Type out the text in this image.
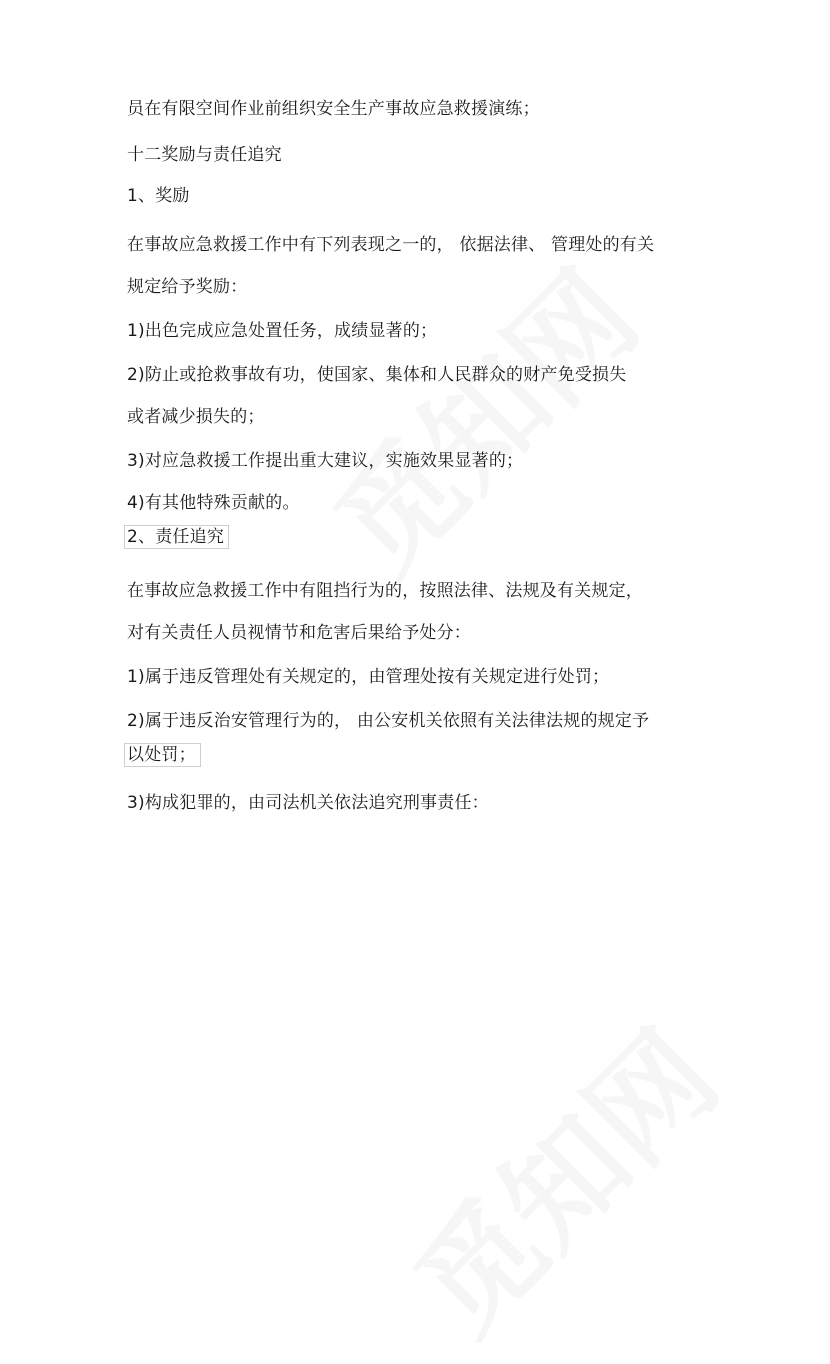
员在有限空间作业前组织安全生产事故应急救援演练；
十二奖励与责任追究
1、奖励
在事故应急救援工作中有下列表现之一的， 依据法律、 管理处的有关
规定给予奖励：
1)出色完成应急处置任务，成绩显著的；
2)防止或抢救事故有功，使国家、集体和人民群众的财产免受损失
或者减少损失的；
3)对应急救援工作提出重大建议，实施效果显著的；
4)有其他特殊贡献的。
2、责任追究
在事故应急救援工作中有阻挡行为的，按照法律、法规及有关规定，
对有关责任人员视情节和危害后果给予处分：
1)属于违反管理处有关规定的，由管理处按有关规定进行处罚；
2)属于违反治安管理行为的， 由公安机关依照有关法律法规的规定予
以处罚；
3)构成犯罪的，由司法机关依法追究刑事责任：
